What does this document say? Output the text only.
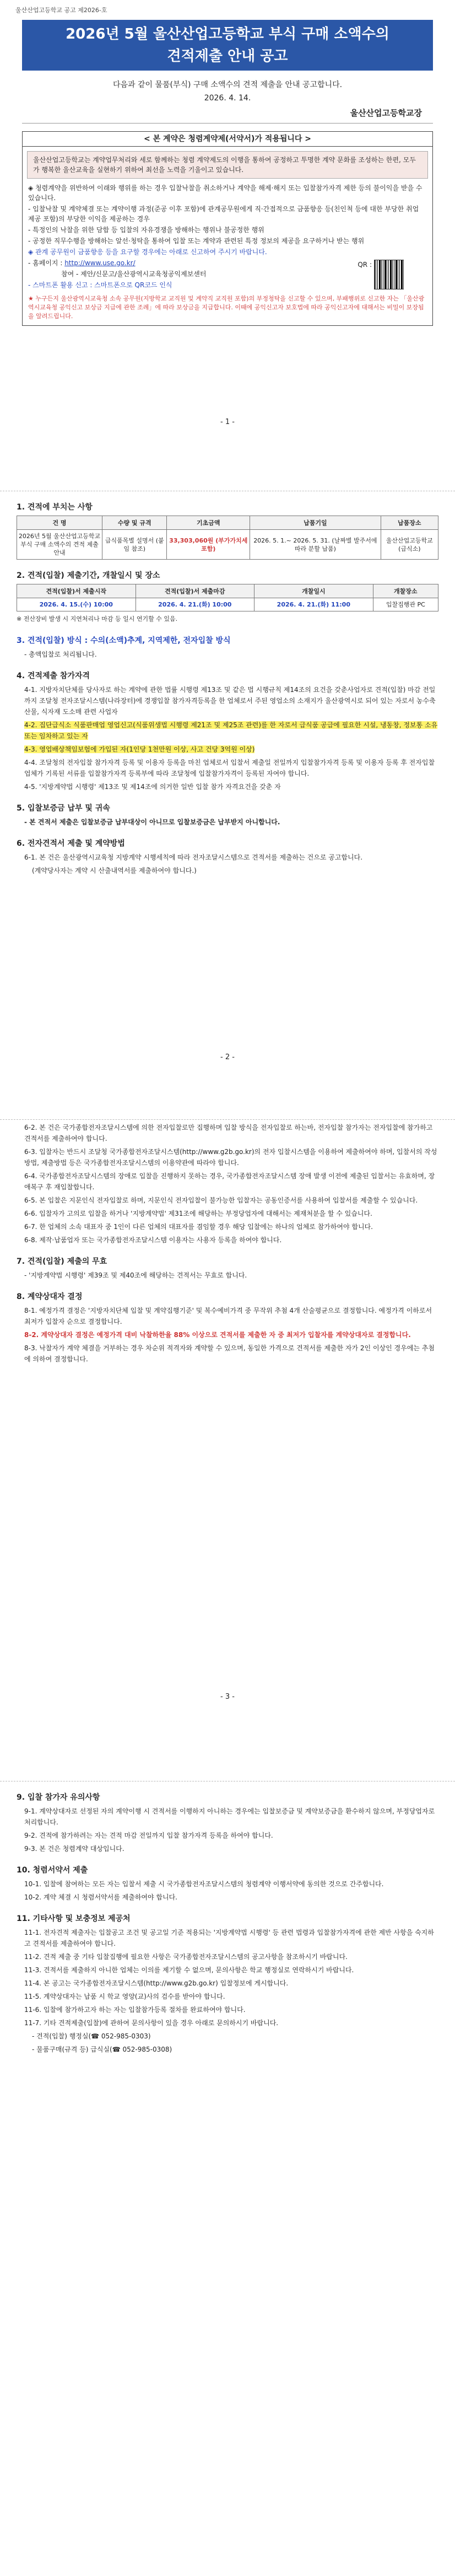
울산산업고등학교 공고 제2026-호
2026년 5월 울산산업고등학교 부식 구매 소액수의
견적제출 안내 공고
다음과 같이 물품(부식) 구매 소액수의 견적 제출을 안내 공고합니다.
2026. 4. 14.
울산산업고등학교장
< 본 계약은 청렴계약제(서약서)가 적용됩니다 >
울산산업고등학교는 계약업무처리와 세로 함께하는 청렴 계약제도의 이행을 통하여 공정하고 투명한 계약 문화를 조성하는 한편, 모두가 행복한 울산교육을 실현하기 위하여 최선을 노력을 기울이고 있습니다.
◈ 청렴계약을 위반하여 이래와 행위를 하는 경우 입찰낙찰을 취소하거나 계약을 해제·해지 또는 입찰참가자격 제한 등의 불이익을 받을 수 있습니다.
- 입찰낙찰 및 계약체결 또는 계약이행 과정(준공 이후 포함)에 관계공무원에게 직·간접적으로 금품향응 등(친인척 등에 대한 부당한 취업 제공 포함)의 부당한 이익을 제공하는 경우
- 특정인의 낙찰을 위한 담합 등 입찰의 자유경쟁을 방해하는 행위나 불공정한 행위
- 공정한 직무수행을 방해하는 알선·청탁을 통하여 입찰 또는 계약과 관련된 특정 정보의 제공을 요구하거나 받는 행위
◈ 관계 공무원이 금품향응 등을 요구할 경우에는 아래로 신고하여 주시기 바랍니다.
- 홈페이지 : http://www.use.go.kr/
참여 - 제안/신문고/울산광역시교육청공익제보센터
- 스마트폰 활용 신고 : 스마트폰으로 QR코드 인식
QR :
★ 누구든지 울산광역시교육청 소속 공무원(지방학교 교직원 및 계약직 교직원 포함)의 부정청탁을 신고할 수 있으며, 부패행위로 신고한 자는 「울산광역시교육청 공익신고 보상금 지급에 관한 조례」에 따라 보상금을 지급합니다. 이때에 공익신고자 보호법에 따라 공익신고자에 대해서는 비밀이 보장됨을 알려드립니다.
- 1 -
1. 견적에 부치는 사항
건 명	수량 및 규격	기초금액	납품기일	납품장소
2026년 5월 울산산업고등학교 부식 구매 소액수의 견적 제출 안내	급식품목별 설명서 (붙임 참조)	33,303,060원 (부가가치세 포함)	2026. 5. 1.~ 2026. 5. 31. (날짜별 발주서에 따라 분할 납품)	울산산업고등학교 (급식소)
2. 견적(입찰) 제출기간, 개찰일시 및 장소
견적(입찰)서 제출시작	견적(입찰)서 제출마감	개찰일시	개찰장소
2026. 4. 15.(수) 10:00	2026. 4. 21.(화) 10:00	2026. 4. 21.(화) 11:00	입찰집행관 PC
※ 전산장비 발생 시 지연처리나 마감 등 일시 연기할 수 있음.
3. 견적(입찰) 방식 : 수의(소액)추계, 지역제한, 전자입찰 방식
- 총액입찰로 처리됩니다.
4. 견적제출 참가자격
4-1. 지방자치단체를 당사자로 하는 계약에 관한 법률 시행령 제13조 및 같은 법 시행규칙 제14조의 요건을 갖춘사업자로 견적(입찰) 마감 전일까지 조달청 전자조달시스템(나라장터)에 경쟁입찰 참가자격등록을 한 업체로서 주된 영업소의 소재지가 울산광역시로 되어 있는 자로서 농수축산물, 식자재 도소매 관련 사업자
4-2. 집단급식소 식품판매업 영업신고(식품위생법 시행령 제21조 및 제25조 관련)를 한 자로서 급식품 공급에 필요한 시설, 냉동창, 정보통 소유 또는 임차하고 있는 자
4-3. 영업배상책임보험에 가입된 자(1인당 1천만원 이상, 사고 건당 3억원 이상)
4-4. 조달청의 전자입찰 참가자격 등록 및 이용자 등록을 마친 업체로서 입찰서 제출일 전일까지 입찰참가자격 등록 및 이용자 등록 후 전자입찰 업체가 기록된 서류를 입찰참가자격 등록부에 따라 조달청에 입찰참가자격이 등록된 자여야 합니다.
4-5. '지방계약법 시행령' 제13조 및 제14조에 의거한 일반 입찰 참가 자격요건을 갖춘 자
5. 입찰보증금 납부 및 귀속
- 본 견적서 제출은 입찰보증금 납부대상이 아니므로 입찰보증금은 납부받지 아니합니다.
6. 전자견적서 제출 및 계약방법
6-1. 본 건은 울산광역시교육청 지방계약 시행세칙에 따라 전자조달시스템으로 견적서를 제출하는 건으로 공고합니다.
(계약당사자는 계약 시 산출내역서를 제출하여야 합니다.)
- 2 -
6-2. 본 건은 국가종합전자조달시스템에 의한 전자입찰로만 집행하며 입찰 방식을 전자입찰로 하는바, 전자입찰 참가자는 전자입찰에 참가하고 견적서를 제출하여야 합니다.
6-3. 입찰자는 반드시 조달청 국가종합전자조달시스템(http://www.g2b.go.kr)의 전자 입찰시스템을 이용하여 제출하여야 하며, 입찰서의 작성방법, 제출방법 등은 국가종합전자조달시스템의 이용약관에 따라야 합니다.
6-4. 국가종합전자조달시스템의 장애로 입찰을 진행하지 못하는 경우, 국가종합전자조달시스템 장애 발생 이전에 제출된 입찰서는 유효하며, 장애복구 후 재입찰합니다.
6-5. 본 입찰은 지문인식 전자입찰로 하며, 지문인식 전자입찰이 불가능한 입찰자는 공동인증서를 사용하여 입찰서를 제출할 수 있습니다.
6-6. 입찰자가 고의로 입찰을 하거나 '지방계약법' 제31조에 해당하는 부정당업자에 대해서는 제재처분을 할 수 있습니다.
6-7. 한 업체의 소속 대표자 중 1인이 다른 업체의 대표자를 겸임할 경우 해당 입찰에는 하나의 업체로 참가하여야 합니다.
6-8. 제작·납품업자 또는 국가종합전자조달시스템 이용자는 사용자 등록을 하여야 합니다.
7. 견적(입찰) 제출의 무효
- '지방계약법 시행령' 제39조 및 제40조에 해당하는 견적서는 무효로 합니다.
8. 계약상대자 결정
8-1. 예정가격 결정은 '지방자치단체 입찰 및 계약집행기준' 및 복수예비가격 중 무작위 추첨 4개 산술평균으로 결정합니다. 예정가격 이하로서 최저가 입찰자 순으로 결정합니다.
8-2. 계약상대자 결정은 예정가격 대비 낙찰하한율 88% 이상으로 견적서를 제출한 자 중 최저가 입찰자를 계약상대자로 결정합니다.
8-3. 낙찰자가 계약 체결을 거부하는 경우 차순위 적격자와 계약할 수 있으며, 동일한 가격으로 견적서를 제출한 자가 2인 이상인 경우에는 추첨에 의하여 결정합니다.
- 3 -
9. 입찰 참가자 유의사항
9-1. 계약상대자로 선정된 자의 계약이행 시 견적서를 이행하지 아니하는 경우에는 입찰보증금 및 계약보증금을 환수하지 않으며, 부정당업자로 처리합니다.
9-2. 견적에 참가하려는 자는 견적 마감 전일까지 입찰 참가자격 등록을 하여야 합니다.
9-3. 본 건은 청렴계약 대상입니다.
10. 청렴서약서 제출
10-1. 입찰에 참여하는 모든 자는 입찰서 제출 시 국가종합전자조달시스템의 청렴계약 이행서약에 동의한 것으로 간주합니다.
10-2. 계약 체결 시 청렴서약서를 제출하여야 합니다.
11. 기타사항 및 보충정보 제공처
11-1. 전자견적 제출자는 입찰공고 조건 및 공고일 기준 적용되는 '지방계약법 시행령' 등 관련 법령과 입찰참가자격에 관한 제반 사항을 숙지하고 견적서를 제출하여야 합니다.
11-2. 견적 제출 중 기타 입찰집행에 필요한 사항은 국가종합전자조달시스템의 공고사항을 참조하시기 바랍니다.
11-3. 견적서를 제출하지 아니한 업체는 이의를 제기할 수 없으며, 문의사항은 학교 행정실로 연락하시기 바랍니다.
11-4. 본 공고는 국가종합전자조달시스템(http://www.g2b.go.kr) 입찰정보에 게시합니다.
11-5. 계약상대자는 납품 시 학교 영양(교)사의 검수를 받아야 합니다.
11-6. 입찰에 참가하고자 하는 자는 입찰참가등록 절차를 완료하여야 합니다.
11-7. 기타 견적제출(입찰)에 관하여 문의사항이 있을 경우 아래로 문의하시기 바랍니다.
- 견적(입찰) 행정실(☎ 052-985-0303)
- 물품구매(규격 등) 급식실(☎ 052-985-0308)
